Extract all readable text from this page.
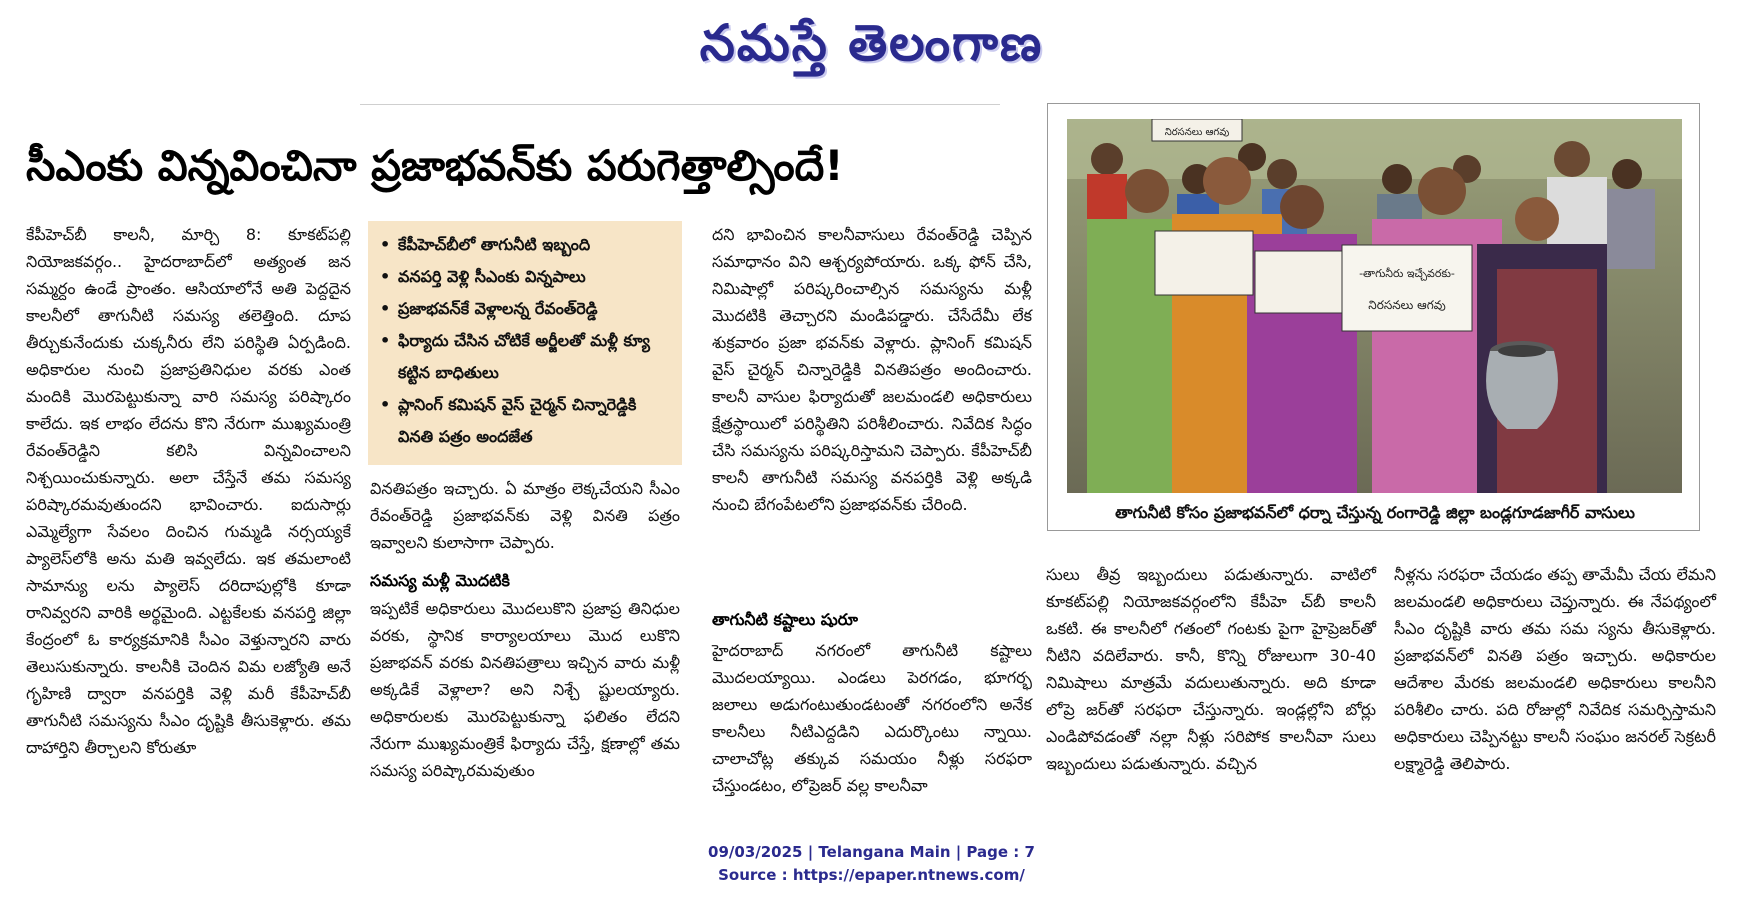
నమస్తే తెలంగాణ
సీఎంకు విన్నవించినా ప్రజాభవన్‌కు పరుగెత్తాల్సిందే!

కేపీహెచ్‌బీ కాలనీ, మార్చి 8: కూకట్‌పల్లి నియోజకవర్గం.. హైదరాబాద్‌లో అత్యంత జన సమ్మర్దం ఉండే ప్రాంతం. ఆసియాలోనే అతి పెద్దదైన కాలనీలో తాగునీటి సమస్య తలెత్తింది. దూప తీర్చుకునేందుకు చుక్కనీరు లేని పరిస్థితి ఏర్పడింది. అధికారుల నుంచి ప్రజాప్రతినిధుల వరకు ఎంత మందికి మొరపెట్టుకున్నా వారి సమస్య పరిష్కారం కాలేదు. ఇక లాభం లేదను కొని నేరుగా ముఖ్యమంత్రి రేవంత్‌రెడ్డిని కలిసి విన్నవించాలని నిశ్చయించుకున్నారు. అలా చేస్తేనే తమ సమస్య పరిష్కారమవుతుందని భావించారు. ఐదుసార్లు ఎమ్మెల్యేగా సేవలం దించిన గుమ్మడి నర్సయ్యకే ప్యాలెస్‌లోకి అను మతి ఇవ్వలేదు. ఇక తమలాంటి సామాన్యు లను ప్యాలెస్ దరిదాపుల్లోకి కూడా రానివ్వరని వారికి అర్థమైంది. ఎట్టకేలకు వనపర్తి జిల్లా కేంద్రంలో ఓ కార్యక్రమానికి సీఎం వెళ్తున్నారని వారు తెలుసుకున్నారు. కాలనీకి చెందిన విమ లజ్యోతి అనే గృహిణి ద్వారా వనపర్తికి వెళ్లి మరీ కేపీహెచ్‌బీ తాగునీటి సమస్యను సీఎం దృష్టికి తీసుకెళ్లారు. తమ దాహార్తిని తీర్చాలని కోరుతూ

• కేపీహెచ్‌బీలో తాగునీటి ఇబ్బంది
• వనపర్తి వెళ్లి సీఎంకు విన్నపాలు
• ప్రజాభవన్‌కే వెళ్లాలన్న రేవంత్‌రెడ్డి
• ఫిర్యాదు చేసిన చోటికే అర్జీలతో మళ్లీ క్యూ కట్టిన బాధితులు
• ప్లానింగ్ కమిషన్ వైస్ చైర్మన్ చిన్నారెడ్డికి వినతి పత్రం అందజేత

వినతిపత్రం ఇచ్చారు. ఏ మాత్రం లెక్కచేయని సీఎం రేవంత్‌రెడ్డి ప్రజాభవన్‌కు వెళ్లి వినతి పత్రం ఇవ్వాలని కులాసాగా చెప్పారు.

సమస్య మళ్లీ మొదటికి

ఇప్పటికే అధికారులు మొదలుకొని ప్రజాప్ర తినిధుల వరకు, స్థానిక కార్యాలయాలు మొద లుకొని ప్రజాభవన్ వరకు వినతిపత్రాలు ఇచ్చిన వారు మళ్లీ అక్కడికే వెళ్లాలా? అని నిశ్చే ష్టులయ్యారు. అధికారులకు మొరపెట్టుకున్నా ఫలితం లేదని నేరుగా ముఖ్యమంత్రికే ఫిర్యాదు చేస్తే, క్షణాల్లో తమ సమస్య పరిష్కారమవుతుం

దని భావించిన కాలనీవాసులు రేవంత్‌రెడ్డి చెప్పిన సమాధానం విని ఆశ్చర్యపోయారు. ఒక్క ఫోన్ చేసి, నిమిషాల్లో పరిష్కరించాల్సిన సమస్యను మళ్లీ మొదటికి తెచ్చారని మండిపడ్డారు. చేసేదేమీ లేక శుక్రవారం ప్రజా భవన్‌కు వెళ్లారు. ప్లానింగ్ కమిషన్ వైస్ చైర్మన్ చిన్నారెడ్డికి వినతిపత్రం అందించారు. కాలనీ వాసుల ఫిర్యాదుతో జలమండలి అధికారులు క్షేత్రస్థాయిలో పరిస్థితిని పరిశీలించారు. నివేదిక సిద్ధం చేసి సమస్యను పరిష్కరిస్తామని చెప్పారు. కేపీహెచ్‌బీ కాలనీ తాగునీటి సమస్య వనపర్తికి వెళ్లి అక్కడి నుంచి బేగంపేటలోని ప్రజాభవన్‌కు చేరింది.

తాగునీటి కష్టాలు షురూ

హైదరాబాద్ నగరంలో తాగునీటి కష్టాలు మొదలయ్యాయి. ఎండలు పెరగడం, భూగర్భ జలాలు అడుగంటుతుండటంతో నగరంలోని అనేక కాలనీలు నీటిఎద్దడిని ఎదుర్కొంటు న్నాయి. చాలాచోట్ల తక్కువ సమయం నీళ్లు సరఫరా చేస్తుండటం, లోప్రెజర్ వల్ల కాలనీవా

-తాగునీరు ఇచ్చేవరకు-
నిరసనలు ఆగవు
నిరసనలు ఆగవు
తాగునీటి కోసం ప్రజాభవన్‌లో ధర్నా చేస్తున్న రంగారెడ్డి జిల్లా బండ్లగూడజాగీర్ వాసులు

సులు తీవ్ర ఇబ్బందులు పడుతున్నారు. వాటిలో కూకట్‌పల్లి నియోజకవర్గంలోని కేపీహె చ్‌బీ కాలనీ ఒకటి. ఈ కాలనీలో గతంలో గంటకు పైగా హైప్రెజర్‌తో నీటిని వదిలేవారు. కానీ, కొన్ని రోజులుగా 30-40 నిమిషాలు మాత్రమే వదులుతున్నారు. అది కూడా లోప్రె జర్‌తో సరఫరా చేస్తున్నారు. ఇండ్లల్లోని బోర్లు ఎండిపోవడంతో నల్లా నీళ్లు సరిపోక కాలనీవా సులు ఇబ్బందులు పడుతున్నారు. వచ్చిన

నీళ్లను సరఫరా చేయడం తప్ప తామేమీ చేయ లేమని జలమండలి అధికారులు చెప్తున్నారు. ఈ నేపథ్యంలో సీఎం దృష్టికి వారు తమ సమ స్యను తీసుకెళ్లారు. ప్రజాభవన్‌లో వినతి పత్రం ఇచ్చారు. అధికారుల ఆదేశాల మేరకు జలమండలి అధికారులు కాలనీని పరిశీలిం చారు. పది రోజుల్లో నివేదిక సమర్పిస్తామని అధికారులు చెప్పినట్టు కాలనీ సంఘం జనరల్ సెక్రటరీ లక్ష్మారెడ్డి తెలిపారు.

09/03/2025 | Telangana Main | Page : 7
Source : https://epaper.ntnews.com/
